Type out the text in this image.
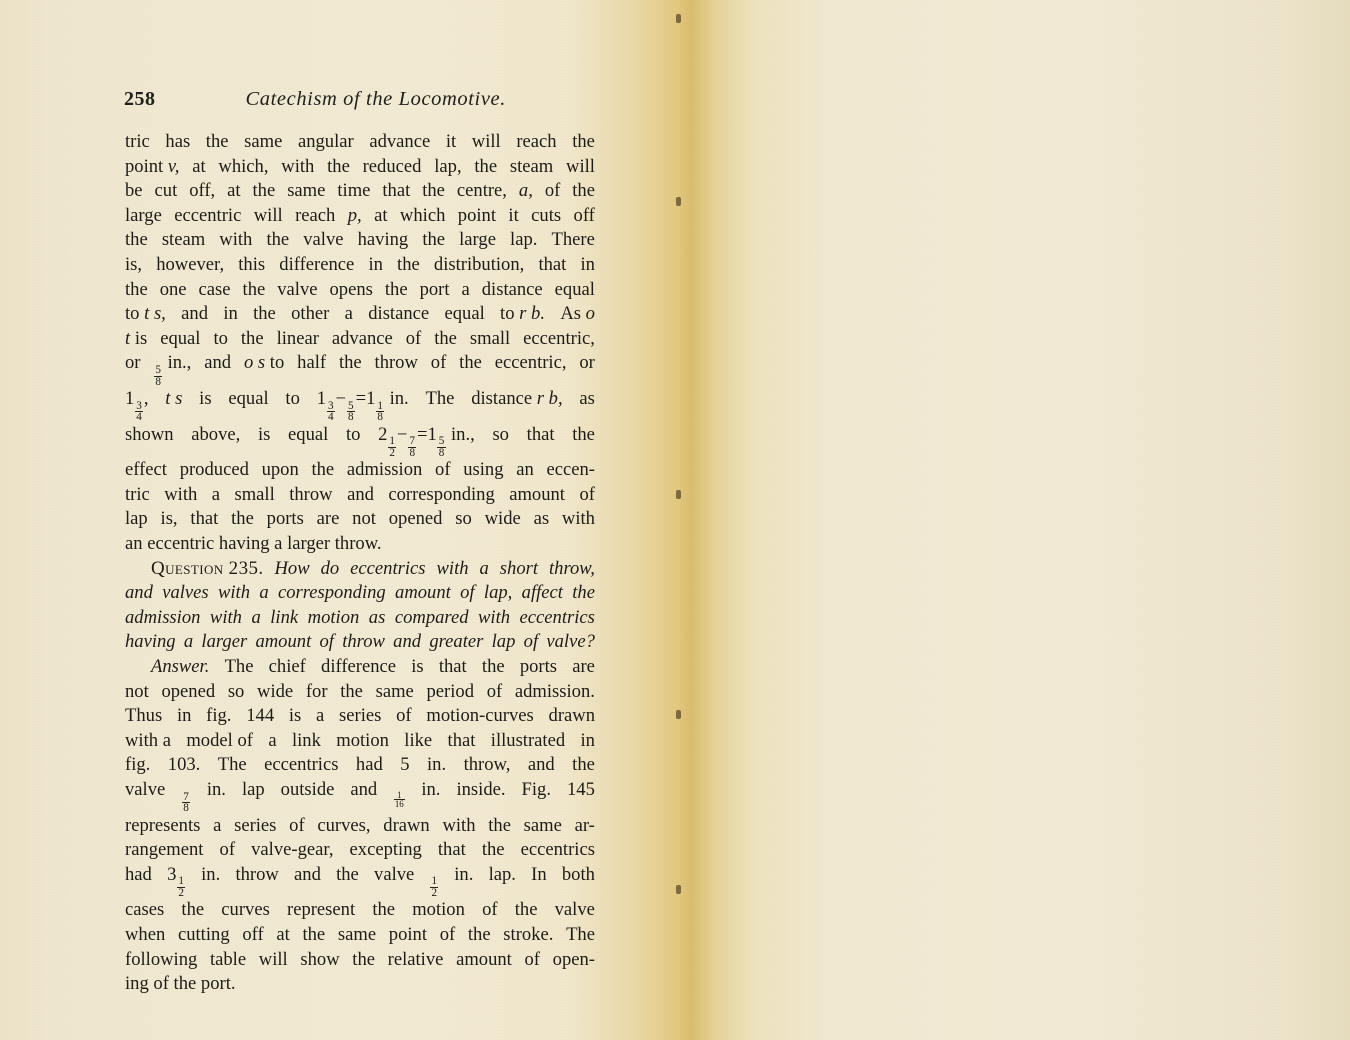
258	Catechism of the Locomotive.

tric has the same angular advance it will reach the
point v, at which, with the reduced lap, the steam will
be cut off, at the same time that the centre, a, of the
large eccentric will reach p, at which point it cuts off
the steam with the valve having the large lap. There
is, however, this difference in the distribution, that in
the one case the valve opens the port a distance equal
to t s, and in the other a distance equal to r b. As o
t is equal to the linear advance of the small eccentric,
or
$\frac{5}{8}$
in., and o s to half the throw of the eccentric, or
1
$\frac{3}{4}$
, t s is equal to 1
$\frac{3}{4}$
−
$\frac{5}{8}$
=1
$\frac{1}{8}$
in. The distance r b, as
shown above, is equal to 2
$\frac{1}{2}$
−
$\frac{7}{8}$
=1
$\frac{5}{8}$
in., so that the
effect produced upon the admission of using an eccen-
tric with a small throw and corresponding amount of
lap is, that the ports are not opened so wide as with
an eccentric having a larger throw.

Question 235. How do eccentrics with a short throw,
and valves with a corresponding amount of lap, affect the
admission with a link motion as compared with eccentrics
having a larger amount of throw and greater lap of valve?

Answer. The chief difference is that the ports are
not opened so wide for the same period of admission.
Thus in fig. 144 is a series of motion-curves drawn
with a model of a link motion like that illustrated in
fig. 103. The eccentrics had 5 in. throw, and the
valve
$\frac{7}{8}$
in. lap outside and $\frac{1}{16}$ in. inside. Fig. 145
represents a series of curves, drawn with the same ar-
rangement of valve-gear, excepting that the eccentrics
had 3
$\frac{1}{2}$
in. throw and the valve
$\frac{1}{2}$
in. lap. In both
cases the curves represent the motion of the valve
when cutting off at the same point of the stroke. The
following table will show the relative amount of open-
ing of the port.
